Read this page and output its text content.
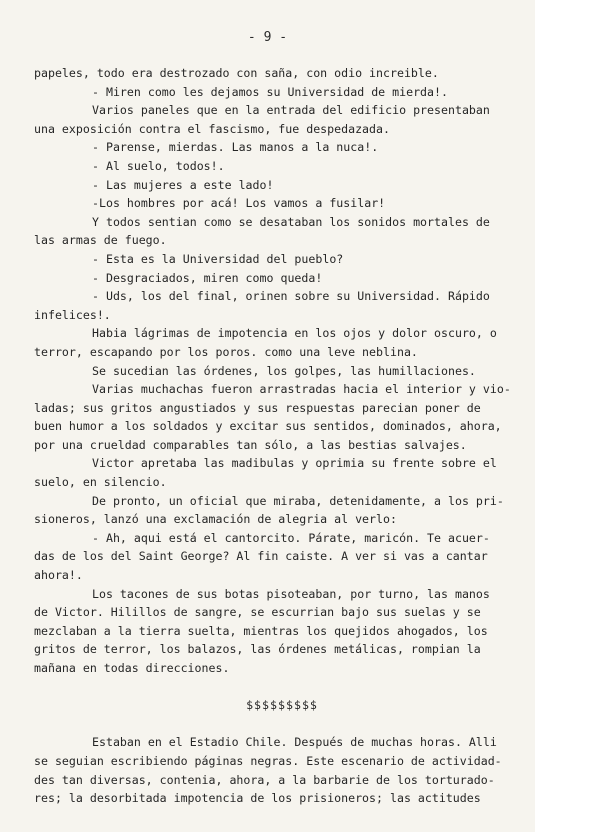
- 9 -
papeles, todo era destrozado con saña, con odio increible.
- Miren como les dejamos su Universidad de mierda!.
Varios paneles que en la entrada del edificio presentaban
una exposición contra el fascismo, fue despedazada.
- Parense, mierdas. Las manos a la nuca!.
- Al suelo, todos!.
- Las mujeres a este lado!
-Los hombres por acá! Los vamos a fusilar!
Y todos sentian como se desataban los sonidos mortales de
las armas de fuego.
- Esta es la Universidad del pueblo?
- Desgraciados, miren como queda!
- Uds, los del final, orinen sobre su Universidad. Rápido
infelices!.
Habia lágrimas de impotencia en los ojos y dolor oscuro, o
terror, escapando por los poros. como una leve neblina.
Se sucedian las órdenes, los golpes, las humillaciones.
Varias muchachas fueron arrastradas hacia el interior y vio-
ladas; sus gritos angustiados y sus respuestas parecian poner de
buen humor a los soldados y excitar sus sentidos, dominados, ahora,
por una crueldad comparables tan sólo, a las bestias salvajes.
Victor apretaba las madibulas y oprimia su frente sobre el
suelo, en silencio.
De pronto, un oficial que miraba, detenidamente, a los pri-
sioneros, lanzó una exclamación de alegria al verlo:
- Ah, aqui está el cantorcito. Párate, maricón. Te acuer-
das de los del Saint George? Al fin caiste. A ver si vas a cantar
ahora!.
Los tacones de sus botas pisoteaban, por turno, las manos
de Victor. Hilillos de sangre, se escurrian bajo sus suelas y se
mezclaban a la tierra suelta, mientras los quejidos ahogados, los
gritos de terror, los balazos, las órdenes metálicas, rompian la
mañana en todas direcciones.
$$$$$$$$$
Estaban en el Estadio Chile. Después de muchas horas. Alli
se seguian escribiendo páginas negras. Este escenario de actividad-
des tan diversas, contenia, ahora, a la barbarie de los torturado-
res; la desorbitada impotencia de los prisioneros; las actitudes
